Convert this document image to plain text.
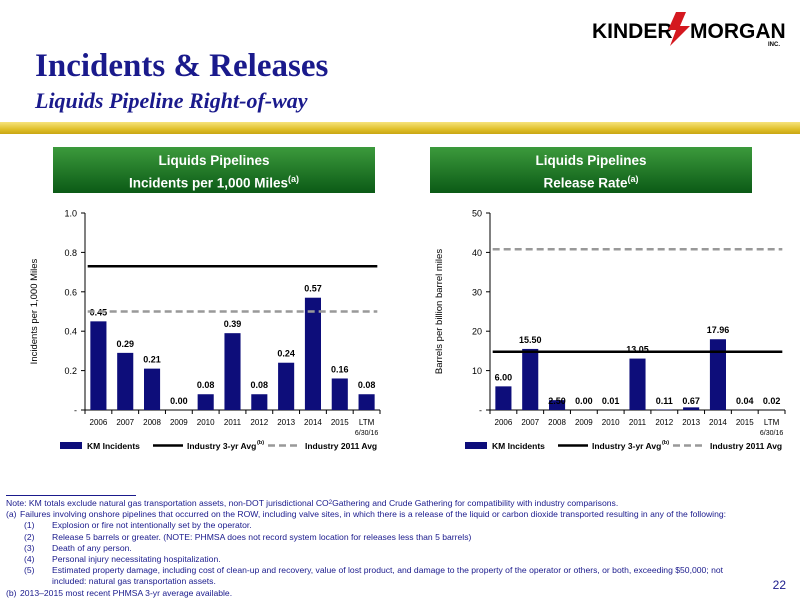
KINDER MORGAN
INC.
Incidents & Releases
Liquids Pipeline Right-of-way
Liquids Pipelines
Incidents per 1,000 Miles$^{(a)}$
Liquids Pipelines
Release Rate$^{(a)}$
-
0.2
0.4
0.6
0.8
1.0
Incidents per 1,000 Miles
2006
0.45
2007
0.29
2008
0.21
2009
0.00
2010
0.08
2011
0.39
2012
0.08
2013
0.24
2014
0.57
2015
0.16
LTM
0.08
6/30/16
KM Incidents	Industry 3-yr Avg (b)	Industry 2011 Avg
-
10
20
30
40
50
Barrels per billion barrel miles
2006
6.00
2007
15.50
2008
2.50
2009
0.00
2010
0.01
2011
13.05
2012
0.11
2013
0.67
2014
17.96
2015
0.04
LTM
0.02
6/30/16
KM Incidents	Industry 3-yr Avg (b)	Industry 2011 Avg
Note: KM totals exclude natural gas transportation assets, non-DOT jurisdictional CO 2 Gathering and Crude Gathering for compatibility with industry comparisons.
(a) Failures involving onshore pipelines that occurred on the ROW, including valve sites, in which there is a release of the liquid or carbon dioxide transported resulting in any of the following:
(1)	Explosion or fire not intentionally set by the operator.
(2)	Release 5 barrels or greater. (NOTE: PHMSA does not record system location for releases less than 5 barrels)
(3)	Death of any person.
(4)	Personal injury necessitating hospitalization.
(5)	Estimated property damage, including cost of clean-up and recovery, value of lost product, and damage to the property of the operator or others, or both, exceeding $50,000; not
included: natural gas transportation assets.
(b) 2013–2015 most recent PHMSA 3-yr average available.
22
